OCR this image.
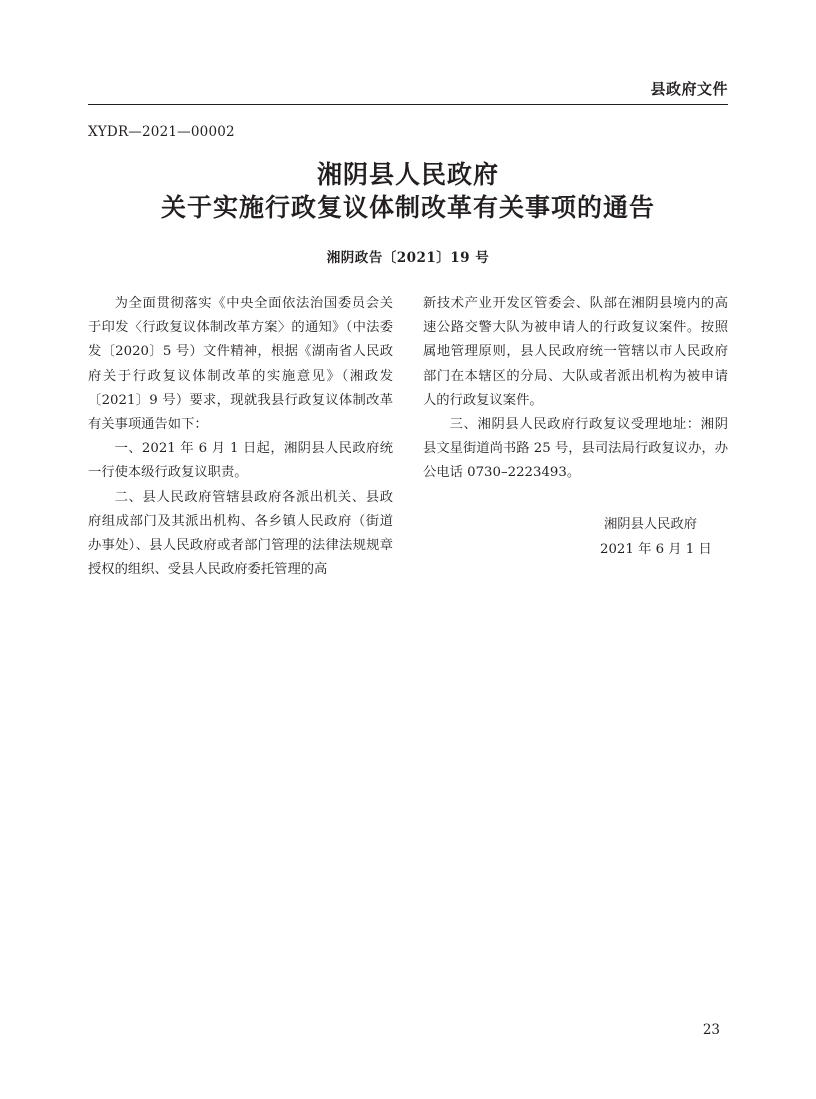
县政府文件
XYDR—2021—00002
湘阴县人民政府
关于实施行政复议体制改革有关事项的通告
湘阴政告〔2021〕19 号

为全面贯彻落实《中央全面依法治国委员会关于印发〈行政复议体制改革方案〉的通知》（中法委发〔2020〕5 号）文件精神，根据《湖南省人民政府关于行政复议体制改革的实施意见》（湘政发〔2021〕9 号）要求，现就我县行政复议体制改革有关事项通告如下：

一、2021 年 6 月 1 日起，湘阴县人民政府统一行使本级行政复议职责。

二、县人民政府管辖县政府各派出机关、县政府组成部门及其派出机构、各乡镇人民政府（街道办事处）、县人民政府或者部门管理的法律法规规章授权的组织、受县人民政府委托管理的高

新技术产业开发区管委会、队部在湘阴县境内的高速公路交警大队为被申请人的行政复议案件。按照属地管理原则，县人民政府统一管辖以市人民政府部门在本辖区的分局、大队或者派出机构为被申请人的行政复议案件。

三、湘阴县人民政府行政复议受理地址：湘阴县文星街道尚书路 25 号，县司法局行政复议办，办公电话 0730–2223493。

湘阴县人民政府
2021 年 6 月 1 日
23
